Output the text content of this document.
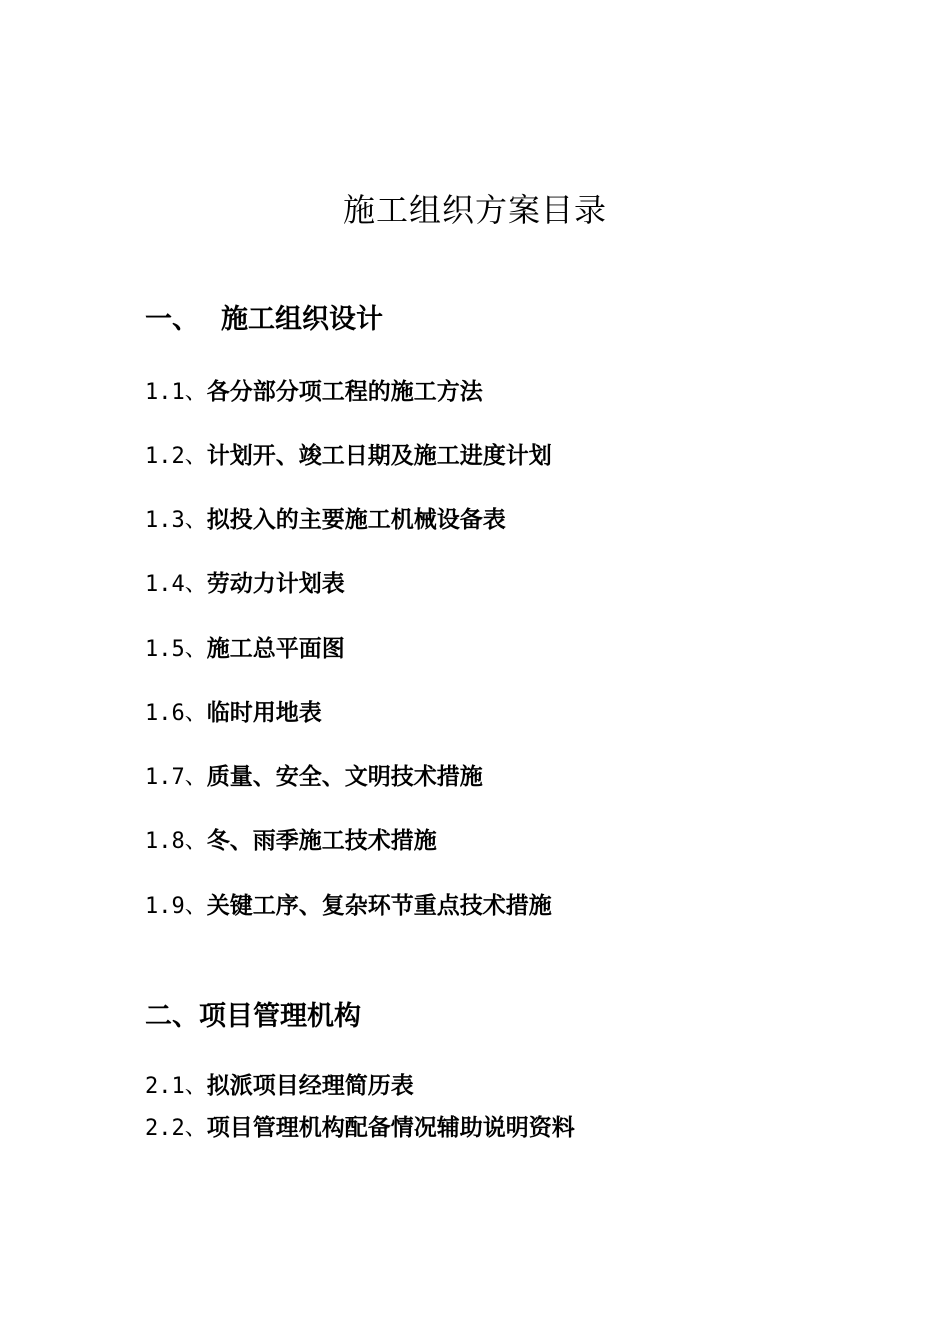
施工组织方案目录
一、 施工组织设计
1.1、各分部分项工程的施工方法
1.2、计划开、竣工日期及施工进度计划
1.3、拟投入的主要施工机械设备表
1.4、劳动力计划表
1.5、施工总平面图
1.6、临时用地表
1.7、质量、安全、文明技术措施
1.8、冬、雨季施工技术措施
1.9、关键工序、复杂环节重点技术措施
二、项目管理机构
2.1、拟派项目经理简历表
2.2、项目管理机构配备情况辅助说明资料
